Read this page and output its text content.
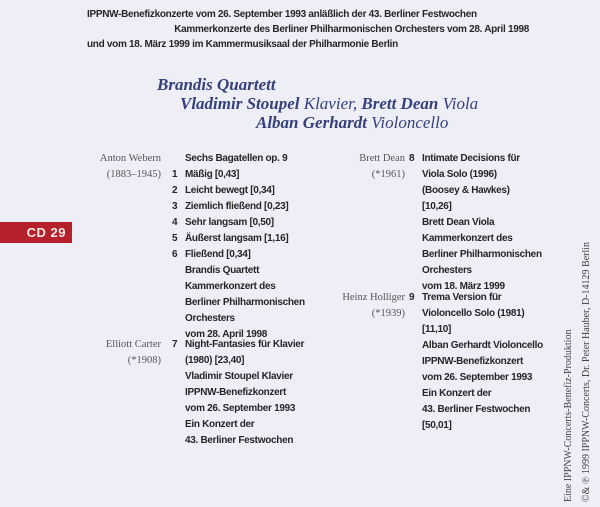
IPPNW-Benefizkonzerte vom 26. September 1993 anläßlich der 43. Berliner Festwochen
Kammerkonzerte des Berliner Philharmonischen Orchesters vom 28. April 1998
und vom 18. März 1999 im Kammermusiksaal der Philharmonie Berlin
Brandis Quartett
Vladimir Stoupel Klavier, Brett Dean Viola
Alban Gerhardt Violoncello
CD 29
Anton Webern
(1883–1945)
Sechs Bagatellen op. 9
1 Mäßig [0,43]
2 Leicht bewegt [0,34]
3 Ziemlich fließend [0,23]
4 Sehr langsam [0,50]
5 Äußerst langsam [1,16]
6 Fließend [0,34]
Brandis Quartett
Kammerkonzert des
Berliner Philharmonischen
Orchesters
vom 28. April 1998
Elliott Carter
(*1908)
7 Night-Fantasies für Klavier
(1980) [23,40]
Vladimir Stoupel Klavier
IPPNW-Benefizkonzert
vom 26. September 1993
Ein Konzert der
43. Berliner Festwochen
Brett Dean
(*1961)
8 Intimate Decisions für
Viola Solo (1996)
(Boosey & Hawkes)
[10,26]
Brett Dean Viola
Kammerkonzert des
Berliner Philharmonischen
Orchesters
vom 18. März 1999
Heinz Holliger
(*1939)
9 Trema Version für
Violoncello Solo (1981)
[11,10]
Alban Gerhardt Violoncello
IPPNW-Benefizkonzert
vom 26. September 1993
Ein Konzert der
43. Berliner Festwochen
[50,01]	Eine IPPNW-Concerts-Benefiz-Produktion ©& ℗ 1999 IPPNW-Concerts, Dr. Peter Hauber, D-14129 Berlin
